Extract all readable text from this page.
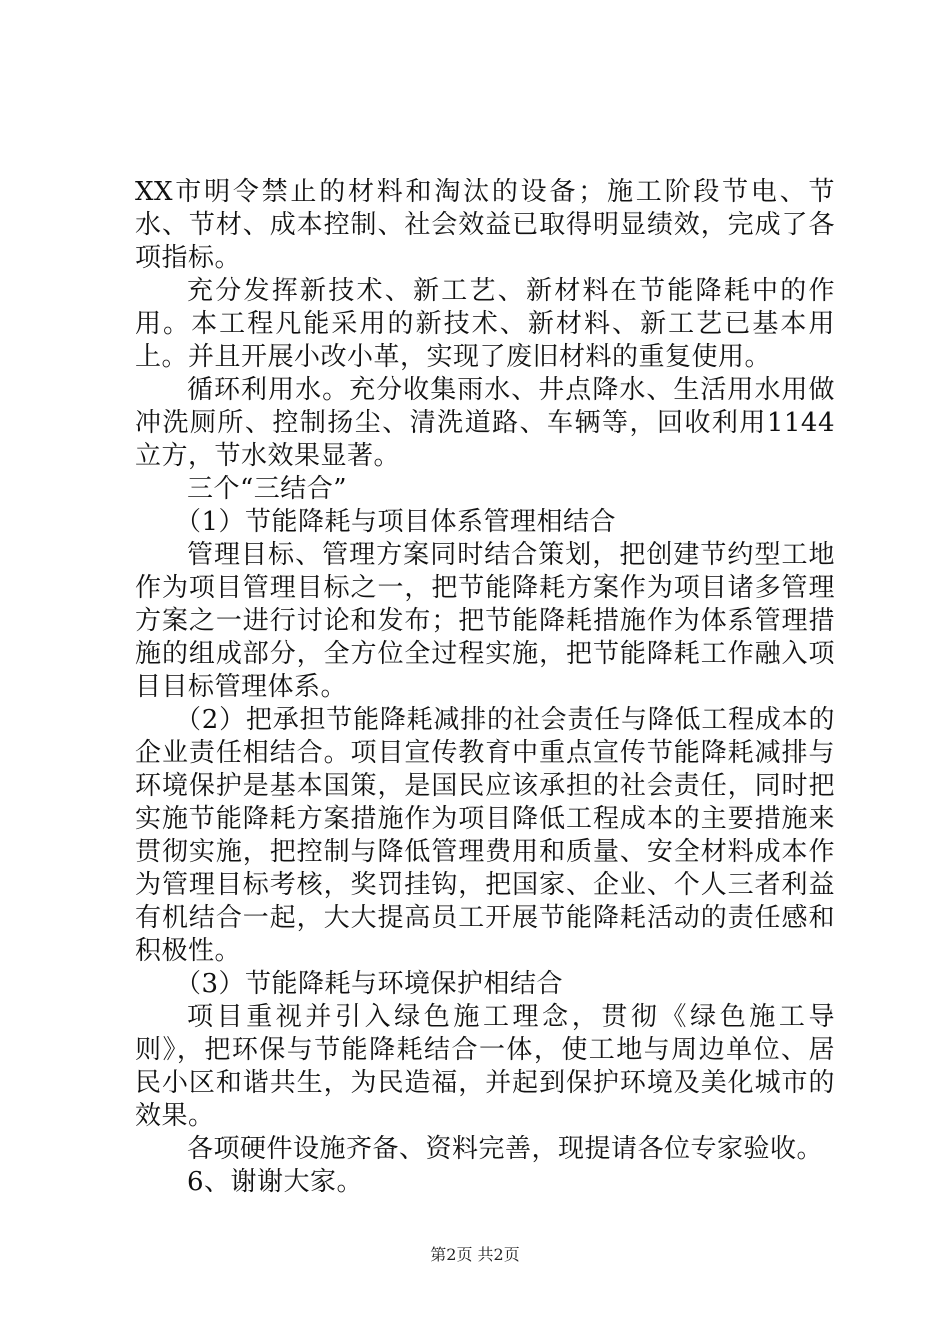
XX市明令禁止的材料和淘汰的设备；施工阶段节电、节水、节材、成本控制、社会效益已取得明显绩效，完成了各项指标。

充分发挥新技术、新工艺、新材料在节能降耗中的作用。本工程凡能采用的新技术、新材料、新工艺已基本用上。并且开展小改小革，实现了废旧材料的重复使用。

循环利用水。充分收集雨水、井点降水、生活用水用做冲洗厕所、控制扬尘、清洗道路、车辆等，回收利用1144立方，节水效果显著。

三个“三结合”

（1）节能降耗与项目体系管理相结合

管理目标、管理方案同时结合策划，把创建节约型工地作为项目管理目标之一，把节能降耗方案作为项目诸多管理方案之一进行讨论和发布；把节能降耗措施作为体系管理措施的组成部分，全方位全过程实施，把节能降耗工作融入项目目标管理体系。

（2）把承担节能降耗减排的社会责任与降低工程成本的企业责任相结合。项目宣传教育中重点宣传节能降耗减排与环境保护是基本国策，是国民应该承担的社会责任，同时把实施节能降耗方案措施作为项目降低工程成本的主要措施来贯彻实施，把控制与降低管理费用和质量、安全材料成本作为管理目标考核，奖罚挂钩，把国家、企业、个人三者利益有机结合一起，大大提高员工开展节能降耗活动的责任感和积极性。

（3）节能降耗与环境保护相结合

项目重视并引入绿色施工理念，贯彻《绿色施工导则》，把环保与节能降耗结合一体，使工地与周边单位、居民小区和谐共生，为民造福，并起到保护环境及美化城市的效果。

各项硬件设施齐备、资料完善，现提请各位专家验收。

6、谢谢大家。

第2页 共2页
